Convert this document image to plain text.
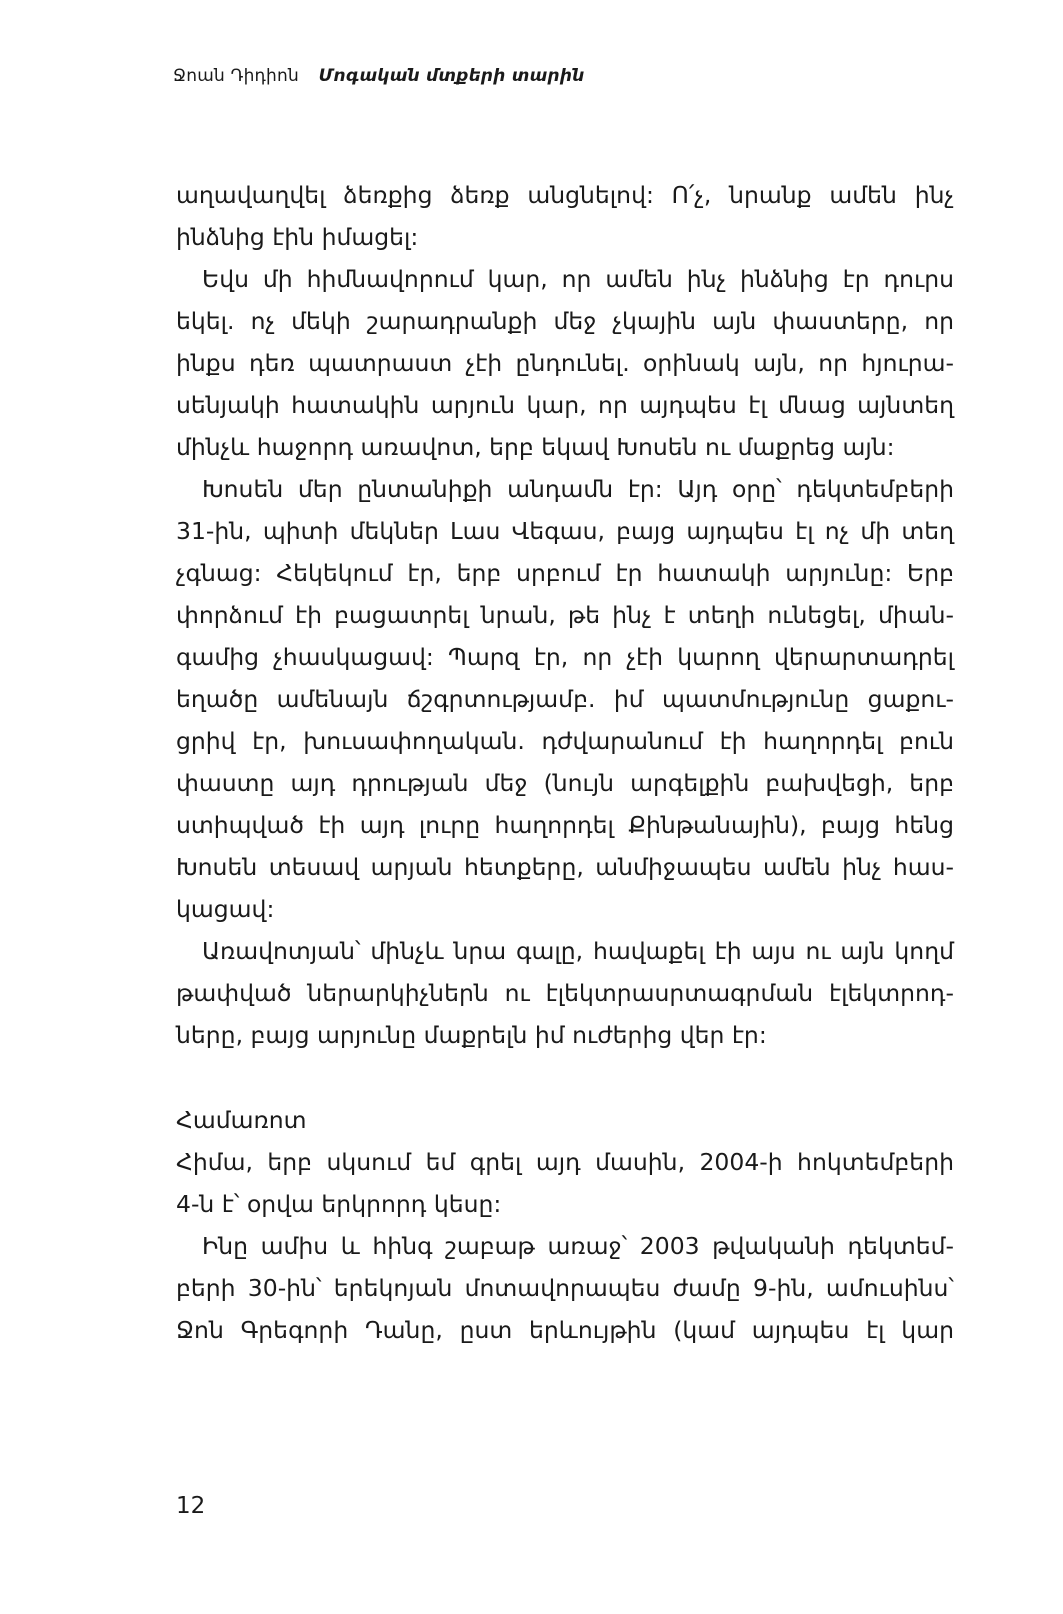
Ջոան Դիդիոն Մոգական մտքերի տարին
աղավաղվել ձեռքից ձեռք անցնելով: Ո՛չ, նրանք ամեն ինչ
ինձնից էին իմացել:
Եվս մի հիմնավորում կար, որ ամեն ինչ ինձնից էր դուրս
եկել. ոչ մեկի շարադրանքի մեջ չկային այն փաստերը, որ
ինքս դեռ պատրաստ չէի ընդունել. օրինակ այն, որ հյուրա-
սենյակի հատակին արյուն կար, որ այդպես էլ մնաց այնտեղ
մինչև հաջորդ առավոտ, երբ եկավ Խոսեն ու մաքրեց այն:
Խոսեն մեր ընտանիքի անդամն էր: Այդ օրը՝ դեկտեմբերի
31-ին, պիտի մեկներ Լաս Վեգաս, բայց այդպես էլ ոչ մի տեղ
չգնաց: Հեկեկում էր, երբ սրբում էր հատակի արյունը: Երբ
փորձում էի բացատրել նրան, թե ինչ է տեղի ունեցել, միան-
գամից չհասկացավ: Պարզ էր, որ չէի կարող վերարտադրել
եղածը ամենայն ճշգրտությամբ. իմ պատմությունը ցաքու-
ցրիվ էր, խուսափողական. դժվարանում էի հաղորդել բուն
փաստը այդ դրության մեջ (նույն արգելքին բախվեցի, երբ
ստիպված էի այդ լուրը հաղորդել Քինթանային), բայց հենց
Խոսեն տեսավ արյան հետքերը, անմիջապես ամեն ինչ հաս-
կացավ:
Առավոտյան՝ մինչև նրա գալը, հավաքել էի այս ու այն կողմ
թափված ներարկիչներն ու էլեկտրասրտագրման էլեկտրոդ-
ները, բայց արյունը մաքրելն իմ ուժերից վեր էր:
Համառոտ
Հիմա, երբ սկսում եմ գրել այդ մասին, 2004-ի հոկտեմբերի
4-ն է՝ օրվա երկրորդ կեսը:
Ինը ամիս և հինգ շաբաթ առաջ՝ 2003 թվականի դեկտեմ-
բերի 30-ին՝ երեկոյան մոտավորապես ժամը 9-ին, ամուսինս՝
Ջոն Գրեգորի Դանը, ըստ երևույթին (կամ այդպես էլ կար
12
